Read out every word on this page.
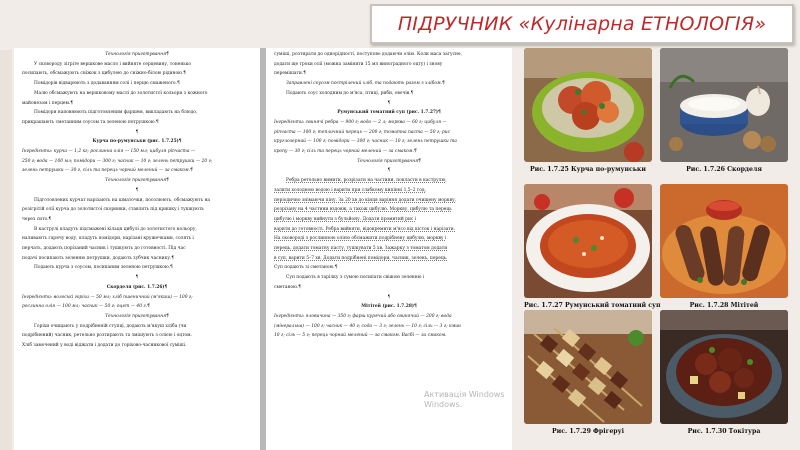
ПІДРУЧНИК «Кулінарна ЕТНОЛОГІЯ»
Технологія приготування¶
У сковороду зігріте вершкове масло і вийняте серцевину, тоненько
посипають, обсмажують сніжок з цибулею до сніжно-білою рідиною.¶
Помідорів відварюють з додаванням солі і перцю смаженого.¶
Малю обсмажують на вершковому маслі до золотистої кольори з кожного
майонезом і перцем.¶
Помідори наповнюють підготовленим фаршем, викладають на блюдо,
прикрашають сметанним соусом та зеленою петрушкою.¶
¶
Курча по-румунськи (рис. 1.7.25)¶
Інгредієнти: курча — 1,2 кг; рослинна олія — 150 мл; цибуля ріпчаста —
250 г; вода — 100 мл; помідори — 300 г; часник — 10 г; зелень петрушки — 20 г;
зелень петрушки — 30 г, сіль та перець чорний мелений — за смаком.¶
Технологія приготування¶
¶
Підготовлених курчат нарізають на шматочки, посолюють, обсмажують на
розігрітій олії курча до золотистої скоринки, ставлять під кришку і тушкують
через сито.¶
В каструлі кладуть підсмажені кільця цибулі до золотистого кольору,
наливають гарячу воду, кладуть помідори, нарізані кружечками, солять і
перчать, додають порізаний часник і тушкують до готовності. Під час
подачі посипають зеленню петрушки, додають зубчик часнику.¶
Подають курча з соусом, посипаним зеленою петрушкою.¶
¶
Скорделя (рис. 1.7.26)¶
Інгредієнти: волоські горіхи — 50 мл; хліб пшеничний (м'якиш) — 100 г;
рослинна олія — 100 мл; часник — 50 г; оцет — 40 г.¶
Технологія приготування¶
Горіхи очищають у подрібненій ступці, додають м'якуш хліба (чи
подрібнений) часник, ретельно розтирають та змішують з олією і оцтом.
Хліб замочений у воді віджати і додати до горіхово-часникової суміші.
суміші, розтирати до однорідності, поступово додаючи олію. Коли маса загусне,
додати ще трохи олії (можна замінити 15 мл виноградного оцту) і знову
перемішати.¶
Заправлені соусом пострілений хліб, та подають разом з хлібом.¶
Подають соус холодним до м'яса, птиці, риби, овочів.¶
¶
Румунський томатний суп (рис. 1.7.27)¶
Інгредієнти: свинячі ребра — 900 г; вода — 2 л; морква — 60 г; цибуля —
ріпчаста — 100 г; тепличний перець — 200 г; томатна паста — 50 г; рис
круглозерний — 100 г; помідори — 300 г; часник — 10 г; зелень петрушки та
кропу — 30 г; сіль та перець чорний мелений — за смаком.¶
Технологія приготування¶
¶
Ребра ретельно вимити, розрізати на частини, покласти в каструлю,
залити холодною водою і варити при слабкому кипінні 1,5–2 год,
періодично знімаючи піну. За 20 хв до кінця варіння додати очищену моркву,
розрізану на 4 частини вздовж, а також цибулю. Моркву, цибулю та перець
цибулю і моркву вийнути з бульйону. Додати промитий рис і
варити до готовності. Ребра вийняти, відокремити м'ясо від кісток і нарізати.
На сковороді з рослинною олією обсмажити подрібнену цибулю, моркву і
перець, додати томатну пасту, тушкувати 5 хв. Зажарку з томатом додати
в суп, варити 5–7 хв. Додати подрібнені помідори, часник, зелень, перець.
Суп подають зі сметаною.¶
Суп подають в тарілку з сумою посипати свіжою зеленню і
сметаною.¶
¶
Мітітей (рис. 1.7.28)¶
Інгредієнти: яловичина — 350 г; фарш курячий або свинячий — 200 г; вода
(мінеральна) — 100 г; часник — 40 г; сода — 3 г; зелень — 10 г; сіль — 3 г; кмин
10 г; сіль — 5 г; перець чорний мелений — за смаком. Васбі — за смаком.
Рис. 1.7.25 Курча по-румунськи	Рис. 1.7.26 Скорделя
Рис. 1.7.27 Румунський томатний суп	Рис. 1.7.28 Мітітей
Рис. 1.7.29 Фрігеруі	Рис. 1.7.30 Токітура
Активація Windows
Windows.
